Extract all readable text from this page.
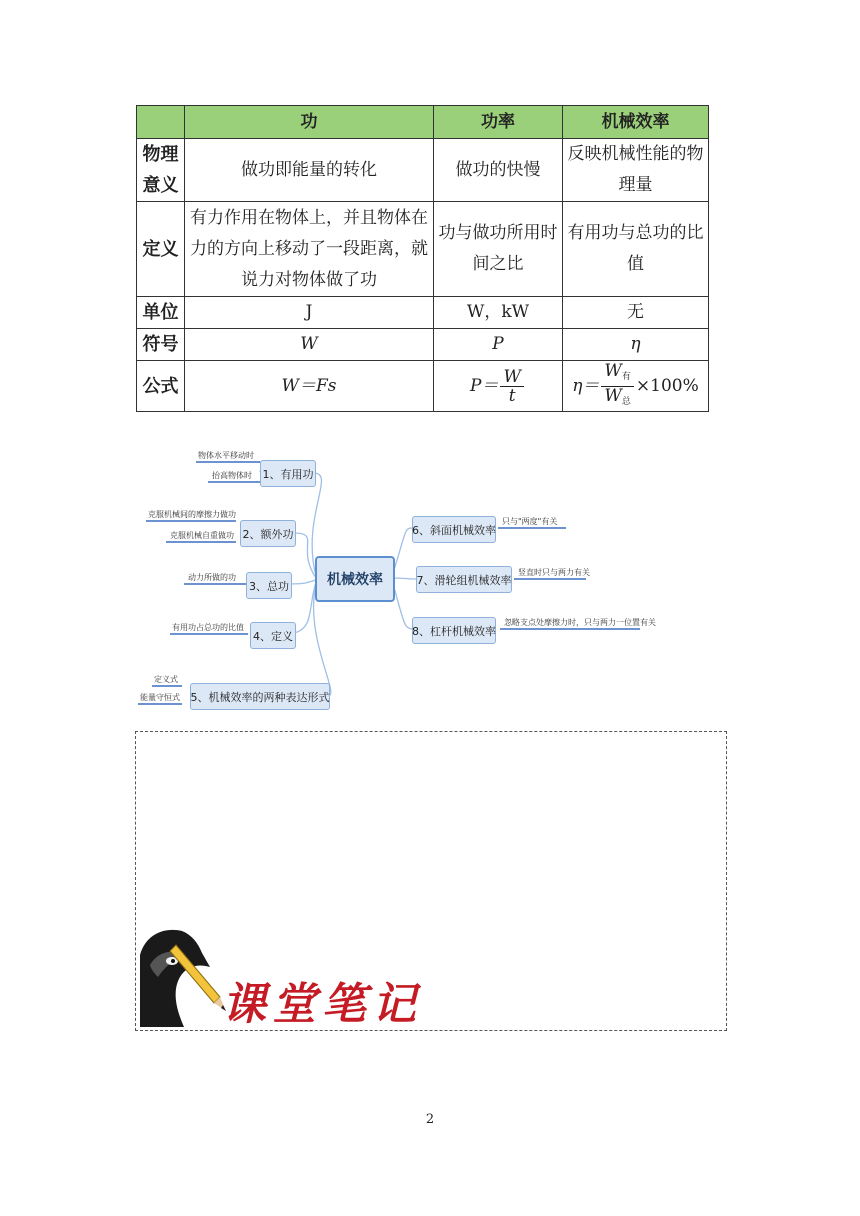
	功	功率	机械效率
物理意义	做功即能量的转化	做功的快慢	反映机械性能的物理量
定义	有力作用在物体上，并且物体在力的方向上移动了一段距离，就说力对物体做了功	功与做功所用时间之比	有用功与总功的比值
单位	J	W，kW	无
符号	W	P	η
公式	W＝Fs	$P= \frac{W}{t}$	$\eta= \frac{W_有}{W_总} \times 100\%$
机械效率
1、有用功
2、额外功
3、总功
4、定义
5、机械效率的两种表达形式
6、斜面机械效率
7、滑轮组机械效率
8、杠杆机械效率
物体水平移动时
抬高物体时
克服机械间的摩擦力做功
克服机械自重做功
动力所做的功
有用功占总功的比值
定义式
能量守恒式
只与"两度"有关
竖直时只与两力有关
忽略支点处摩擦力时，只与两力一位置有关
课堂笔记
2
